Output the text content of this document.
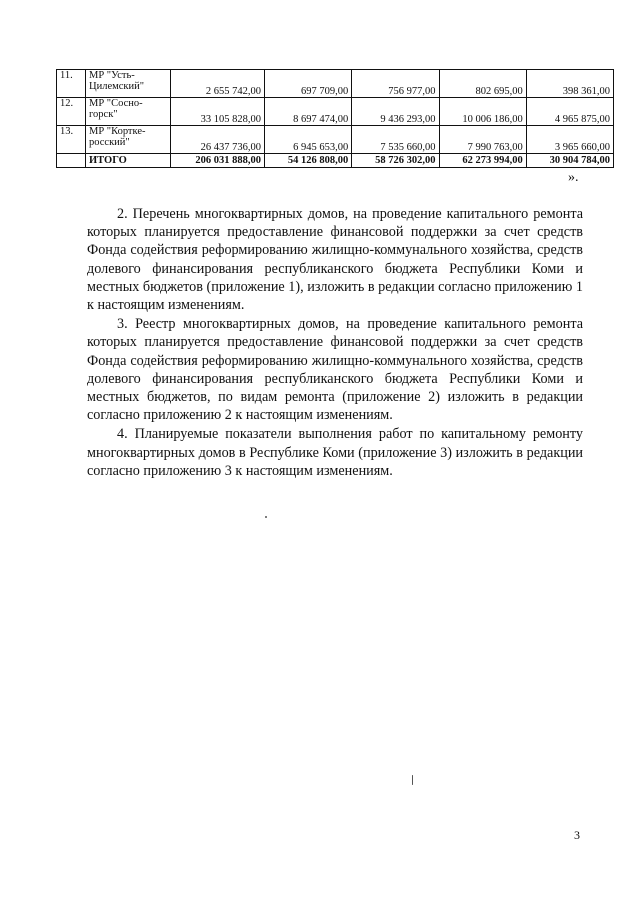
11.	МР "Усть-Цилемский"	2 655 742,00	697 709,00	756 977,00	802 695,00	398 361,00
12.	МР "Сосно-горск"	33 105 828,00	8 697 474,00	9 436 293,00	10 006 186,00	4 965 875,00
13.	МР "Кортке-росский"	26 437 736,00	6 945 653,00	7 535 660,00	7 990 763,00	3 965 660,00
	ИТОГО	206 031 888,00	54 126 808,00	58 726 302,00	62 273 994,00	30 904 784,00
».

2. Перечень многоквартирных домов, на проведение капитального ремонта которых планируется предоставление финансовой поддержки за счет средств Фонда содействия реформированию жилищно-коммунального хозяйства, средств долевого финансирования республиканского бюджета Республики Коми и местных бюджетов (приложение 1), изложить в редакции согласно приложению 1 к настоящим изменениям.

3. Реестр многоквартирных домов, на проведение капитального ремонта которых планируется предоставление финансовой поддержки за счет средств Фонда содействия реформированию жилищно-коммунального хозяйства, средств долевого финансирования республиканского бюджета Республики Коми и местных бюджетов, по видам ремонта (приложение 2) изложить в редакции согласно приложению 2 к настоящим изменениям.

4. Планируемые показатели выполнения работ по капитальному ремонту многоквартирных домов в Республике Коми (приложение 3) изложить в редакции согласно приложению 3 к настоящим изменениям.

3
